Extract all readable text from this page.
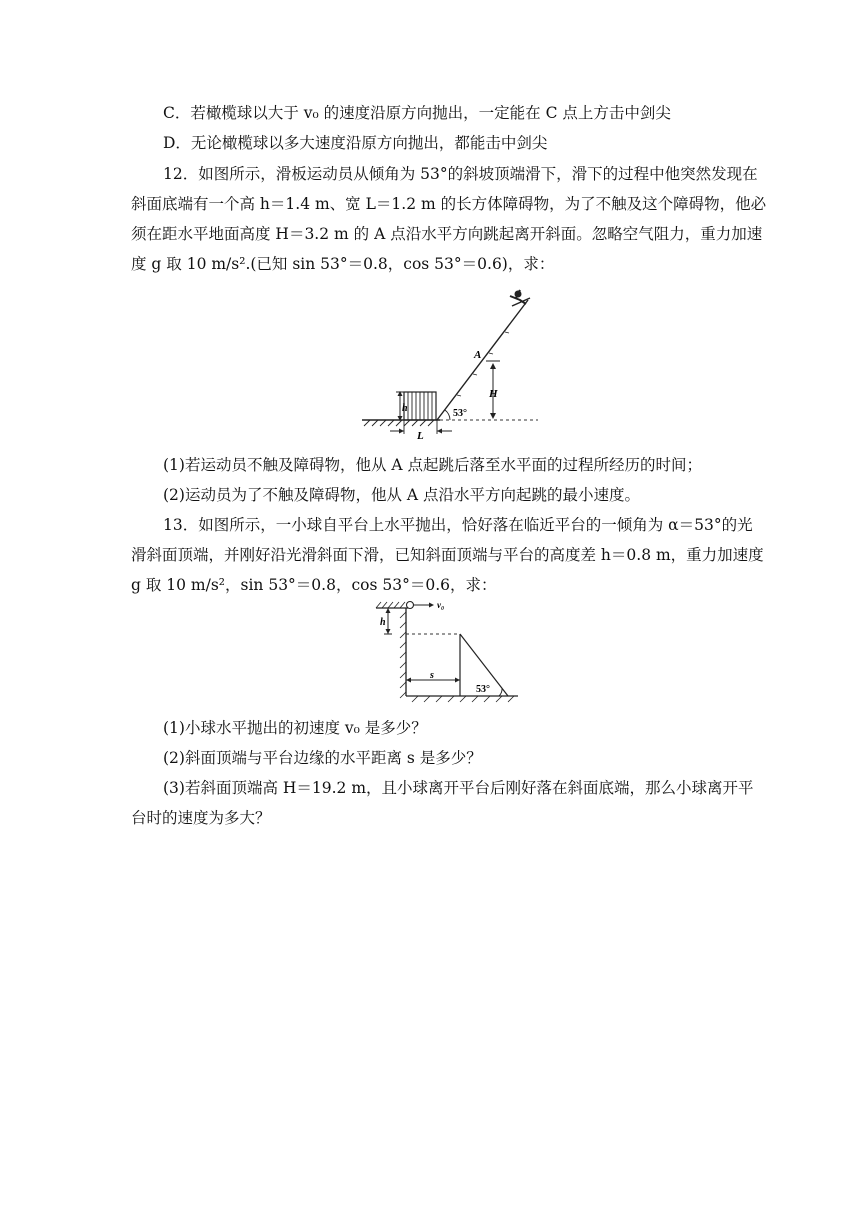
C．若橄榄球以大于 v₀ 的速度沿原方向抛出，一定能在 C 点上方击中剑尖
D．无论橄榄球以多大速度沿原方向抛出，都能击中剑尖
12．如图所示，滑板运动员从倾角为 53°的斜坡顶端滑下，滑下的过程中他突然发现在
斜面底端有一个高 h＝1.4 m、宽 L＝1.2 m 的长方体障碍物，为了不触及这个障碍物，他必
须在距水平地面高度 H＝3.2 m 的 A 点沿水平方向跳起离开斜面。忽略空气阻力，重力加速
度 g 取 10 m/s².(已知 sin 53°＝0.8，cos 53°＝0.6)，求：
A
H
h
L
53°
(1)若运动员不触及障碍物，他从 A 点起跳后落至水平面的过程所经历的时间；
(2)运动员为了不触及障碍物，他从 A 点沿水平方向起跳的最小速度。
13．如图所示，一小球自平台上水平抛出，恰好落在临近平台的一倾角为 α＝53°的光
滑斜面顶端，并刚好沿光滑斜面下滑，已知斜面顶端与平台的高度差 h＝0.8 m，重力加速度
g 取 10 m/s²，sin 53°＝0.8，cos 53°＝0.6，求：
v₀
h
s
53°
(1)小球水平抛出的初速度 v₀ 是多少？
(2)斜面顶端与平台边缘的水平距离 s 是多少？
(3)若斜面顶端高 H＝19.2 m，且小球离开平台后刚好落在斜面底端，那么小球离开平
台时的速度为多大？
